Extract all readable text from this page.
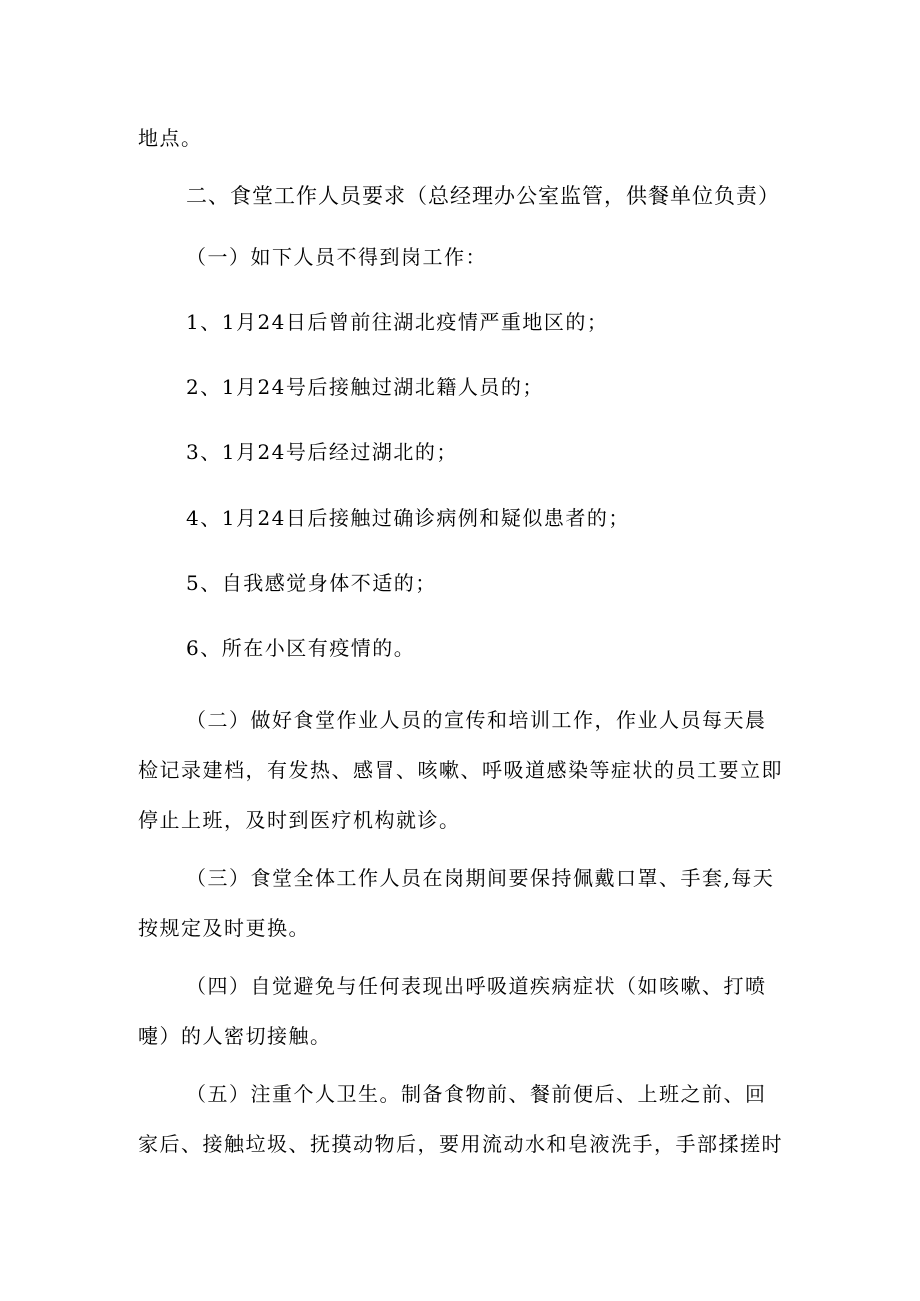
地点。
二、食堂工作人员要求（总经理办公室监管，供餐单位负责）
（一）如下人员不得到岗工作：
1、1月24日后曾前往湖北疫情严重地区的；
2、1月24号后接触过湖北籍人员的；
3、1月24号后经过湖北的；
4、1月24日后接触过确诊病例和疑似患者的；
5、自我感觉身体不适的；
6、所在小区有疫情的。
（二）做好食堂作业人员的宣传和培训工作，作业人员每天晨
检记录建档，有发热、感冒、咳嗽、呼吸道感染等症状的员工要立即
停止上班，及时到医疗机构就诊。
（三）食堂全体工作人员在岗期间要保持佩戴口罩、手套,每天
按规定及时更换。
（四）自觉避免与任何表现出呼吸道疾病症状（如咳嗽、打喷
嚏）的人密切接触。
（五）注重个人卫生。制备食物前、餐前便后、上班之前、回
家后、接触垃圾、抚摸动物后，要用流动水和皂液洗手，手部揉搓时
